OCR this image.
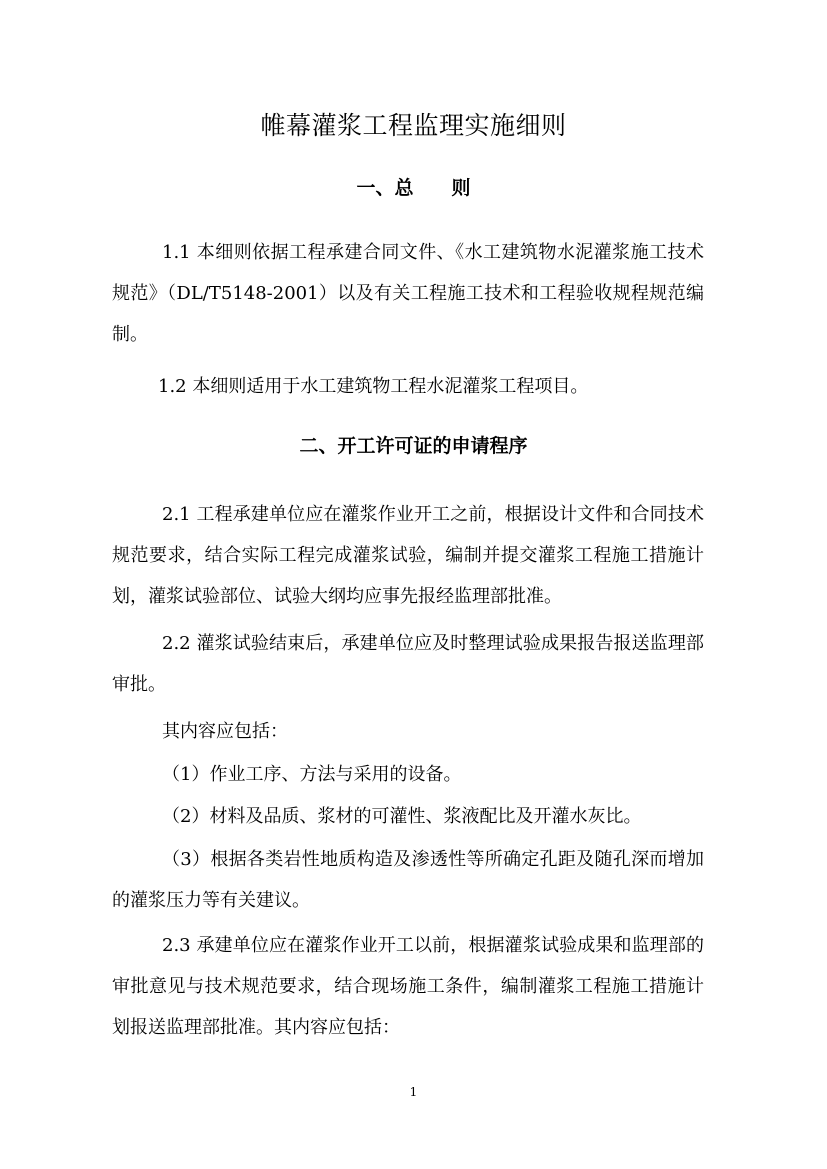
帷幕灌浆工程监理实施细则
一、总　　则
1.1 本细则依据工程承建合同文件、《水工建筑物水泥灌浆施工技术规范》（DL/T5148-2001）以及有关工程施工技术和工程验收规程规范编制。
1.2 本细则适用于水工建筑物工程水泥灌浆工程项目。
二、开工许可证的申请程序
2.1 工程承建单位应在灌浆作业开工之前，根据设计文件和合同技术规范要求，结合实际工程完成灌浆试验，编制并提交灌浆工程施工措施计划，灌浆试验部位、试验大纲均应事先报经监理部批准。
2.2 灌浆试验结束后，承建单位应及时整理试验成果报告报送监理部审批。
其内容应包括：
（1）作业工序、方法与采用的设备。
（2）材料及品质、浆材的可灌性、浆液配比及开灌水灰比。
（3）根据各类岩性地质构造及渗透性等所确定孔距及随孔深而增加的灌浆压力等有关建议。
2.3 承建单位应在灌浆作业开工以前，根据灌浆试验成果和监理部的审批意见与技术规范要求，结合现场施工条件，编制灌浆工程施工措施计划报送监理部批准。其内容应包括：
1
